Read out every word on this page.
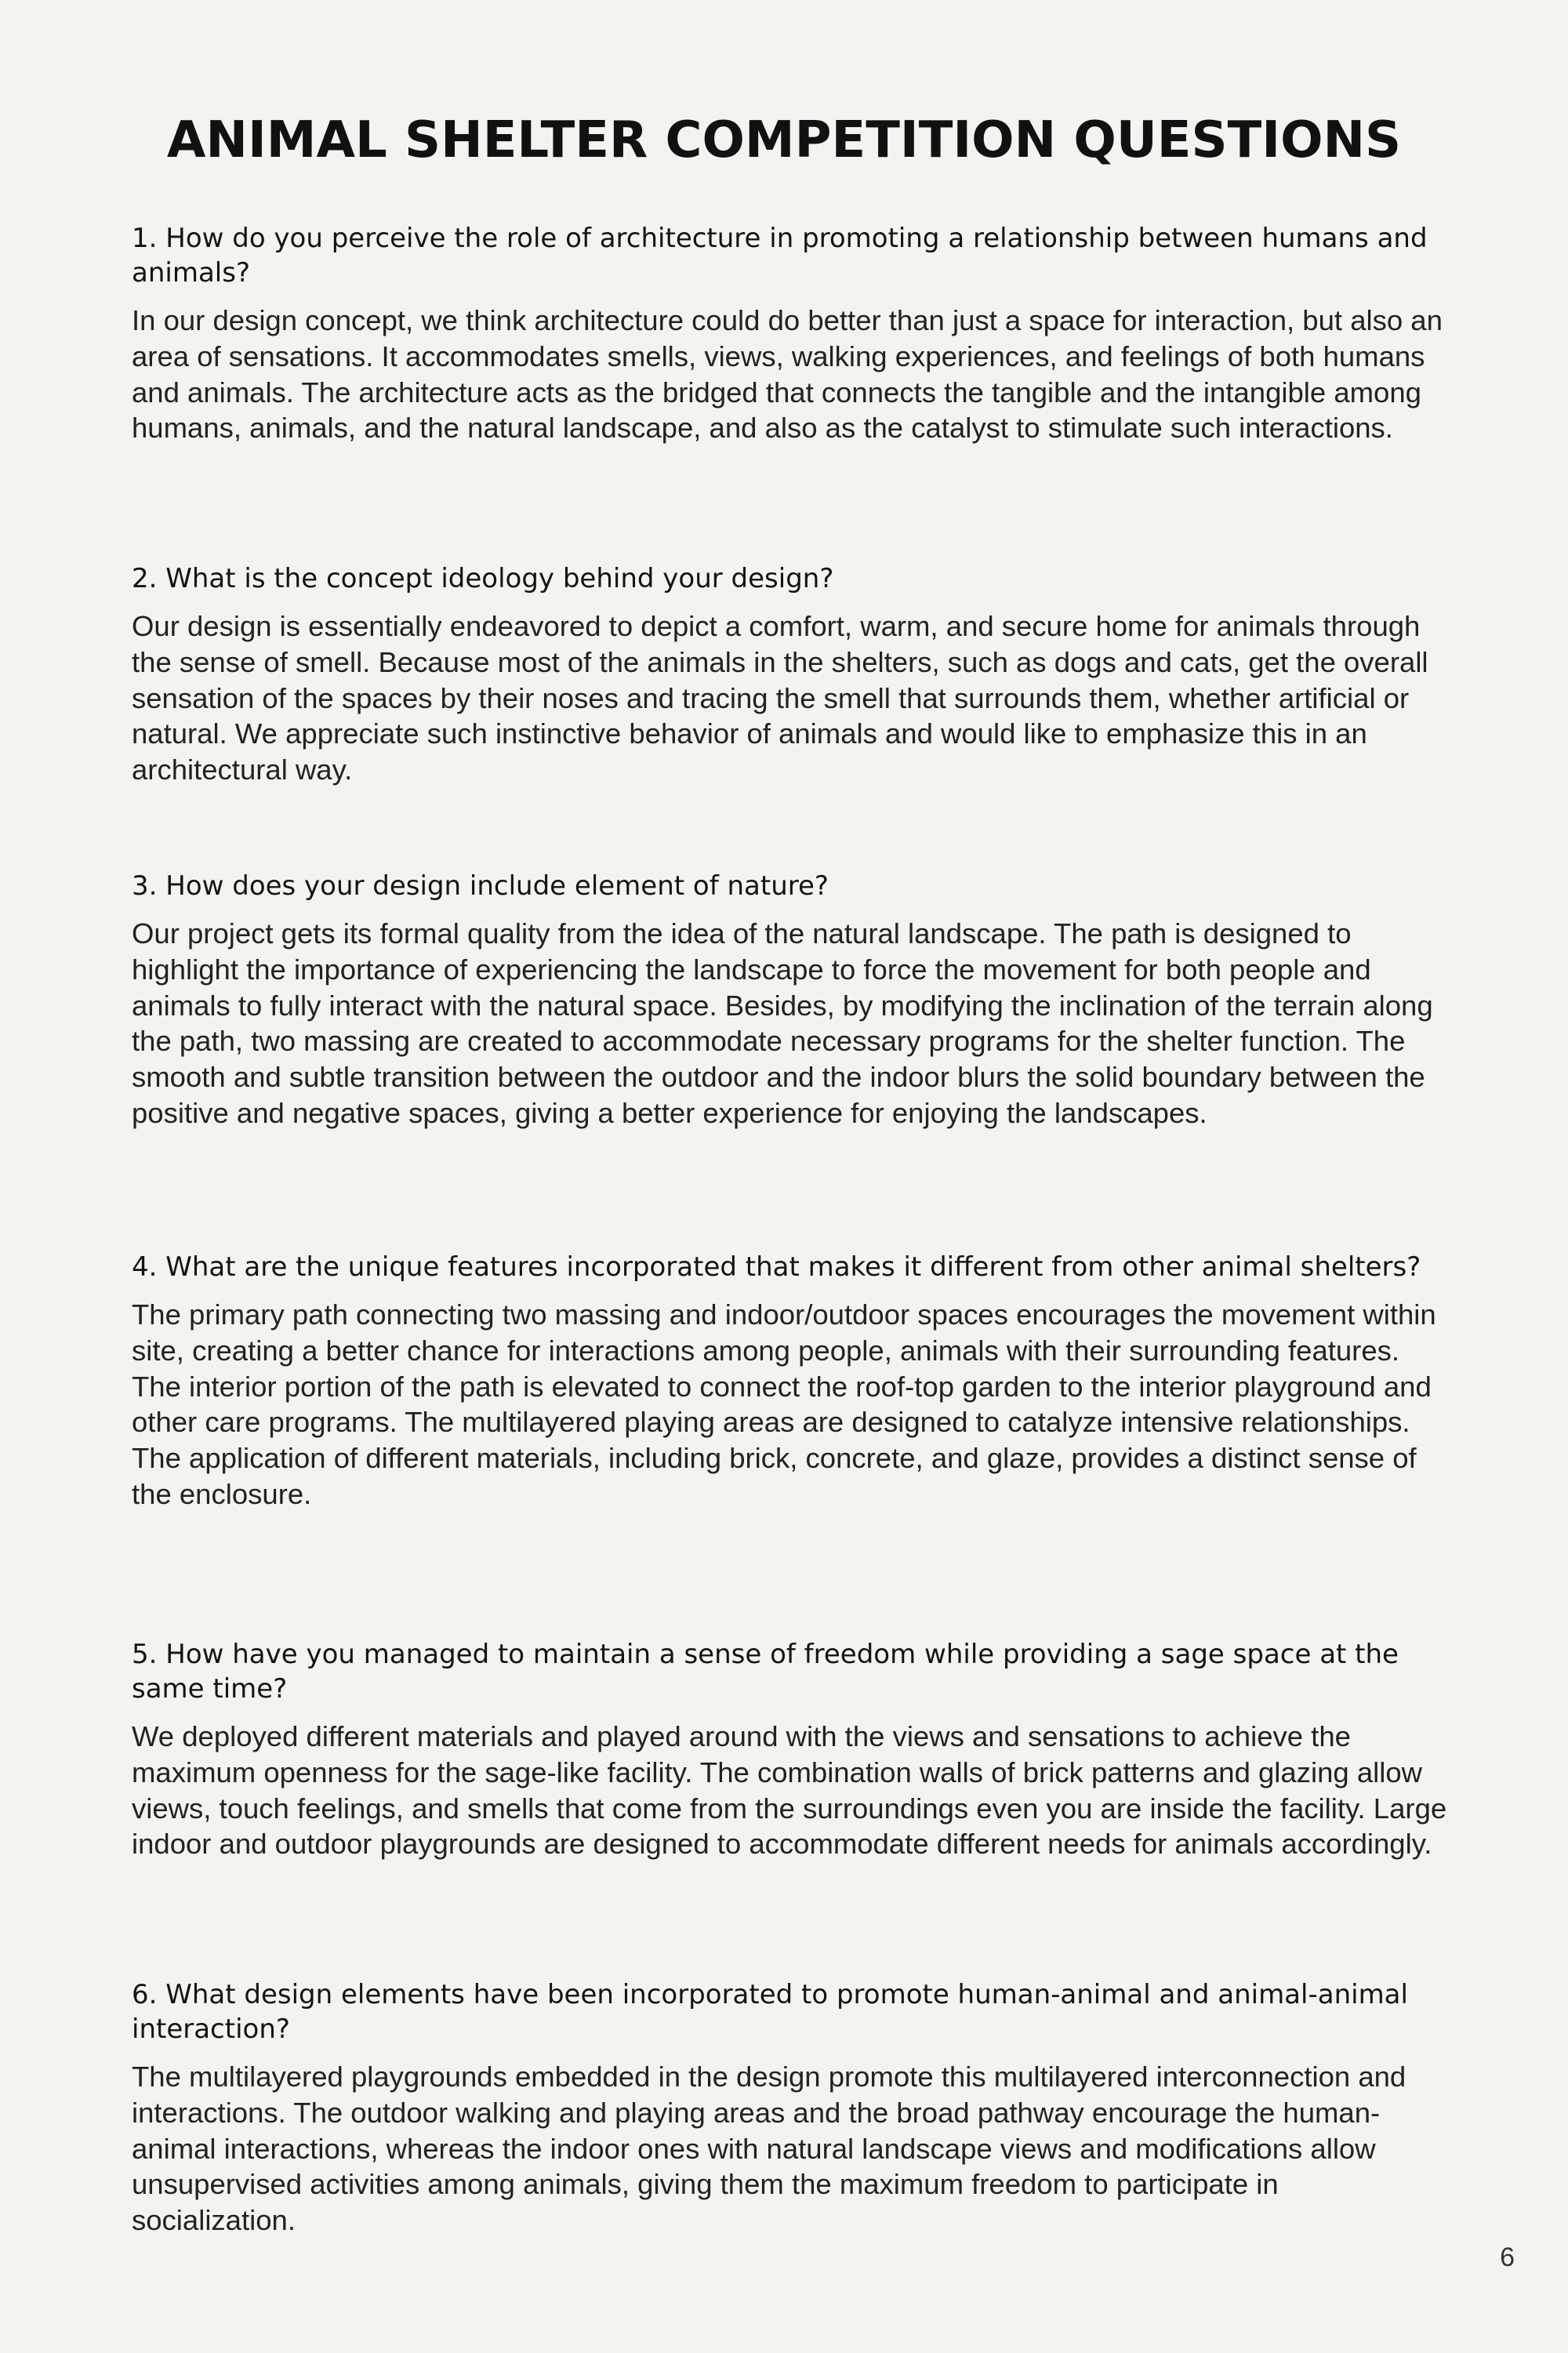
ANIMAL SHELTER COMPETITION QUESTIONS

1. How do you perceive the role of architecture in promoting a relationship between humans and animals?

In our design concept, we think architecture could do better than just a space for interaction, but also an area of sensations. It accommodates smells, views, walking experiences, and feelings of both humans and animals. The architecture acts as the bridged that connects the tangible and the intangible among humans, animals, and the natural landscape, and also as the catalyst to stimulate such interactions.

2. What is the concept ideology behind your design?

Our design is essentially endeavored to depict a comfort, warm, and secure home for animals through the sense of smell. Because most of the animals in the shelters, such as dogs and cats, get the overall sensation of the spaces by their noses and tracing the smell that surrounds them, whether artificial or natural. We appreciate such instinctive behavior of animals and would like to emphasize this in an architectural way.

3. How does your design include element of nature?

Our project gets its formal quality from the idea of the natural landscape. The path is designed to highlight the importance of experiencing the landscape to force the movement for both people and animals to fully interact with the natural space. Besides, by modifying the inclination of the terrain along the path, two massing are created to accommodate necessary programs for the shelter function. The smooth and subtle transition between the outdoor and the indoor blurs the solid boundary between the positive and negative spaces, giving a better experience for enjoying the landscapes.

4. What are the unique features incorporated that makes it different from other animal shelters?

The primary path connecting two massing and indoor/outdoor spaces encourages the movement within site, creating a better chance for interactions among people, animals with their surrounding features. The interior portion of the path is elevated to connect the roof-top garden to the interior playground and other care programs. The multilayered playing areas are designed to catalyze intensive relationships. The application of different materials, including brick, concrete, and glaze, provides a distinct sense of the enclosure.

5. How have you managed to maintain a sense of freedom while providing a sage space at the same time?

We deployed different materials and played around with the views and sensations to achieve the maximum openness for the sage-like facility. The combination walls of brick patterns and glazing allow views, touch feelings, and smells that come from the surroundings even you are inside the facility. Large indoor and outdoor playgrounds are designed to accommodate different needs for animals accordingly.

6. What design elements have been incorporated to promote human-animal and animal-animal interaction?

The multilayered playgrounds embedded in the design promote this multilayered interconnection and interactions. The outdoor walking and playing areas and the broad pathway encourage the human-animal interactions, whereas the indoor ones with natural landscape views and modifications allow unsupervised activities among animals, giving them the maximum freedom to participate in socialization.

6
